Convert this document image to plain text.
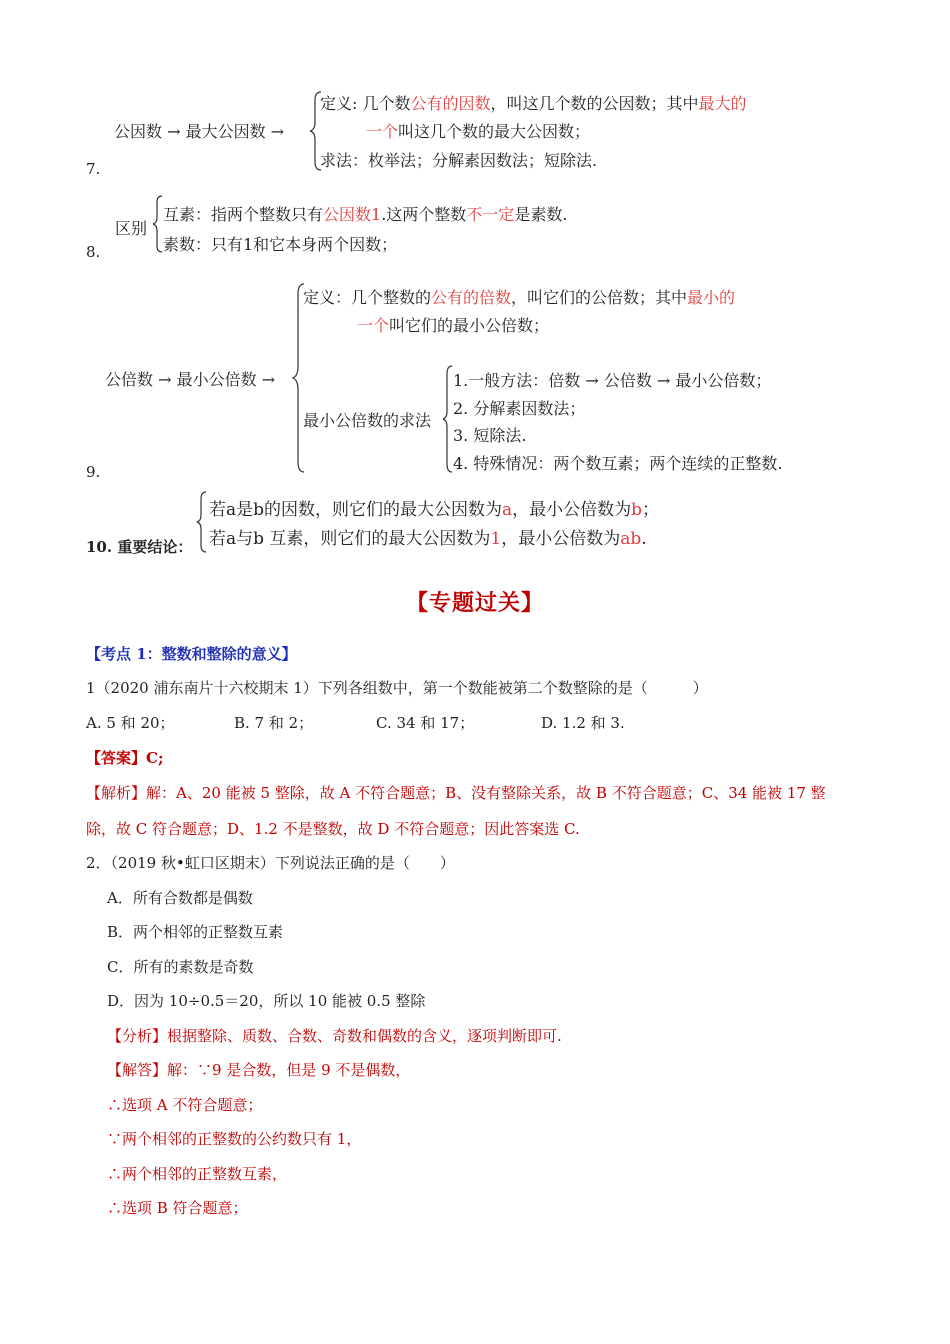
7.
公因数 → 最大公因数 →
定义: 几个数公有的因数，叫这几个数的公因数；其中最大的
一个叫这几个数的最大公因数；
求法：枚举法；分解素因数法；短除法.
8.
区别
互素：指两个整数只有公因数1.这两个整数不一定是素数.
素数：只有1和它本身两个因数；
9.
公倍数 → 最小公倍数 →
定义：几个整数的公有的倍数，叫它们的公倍数；其中最小的
一个叫它们的最小公倍数；
最小公倍数的求法
1.一般方法：倍数 → 公倍数 → 最小公倍数；
2. 分解素因数法；
3. 短除法.
4. 特殊情况：两个数互素；两个连续的正整数.
10. 重要结论：
若a是b的因数，则它们的最大公因数为a，最小公倍数为b；
若a与b 互素，则它们的最大公因数为1，最小公倍数为ab.
【专题过关】
【考点 1：整数和整除的意义】
1（2020 浦东南片十六校期末 1）下列各组数中，第一个数能被第二个数整除的是（　　　）
A. 5 和 20；	B. 7 和 2；	C. 34 和 17；	D. 1.2 和 3.
【答案】C;
【解析】解：A、20 能被 5 整除，故 A 不符合题意；B、没有整除关系，故 B 不符合题意；C、34 能被 17 整
除，故 C 符合题意；D、1.2 不是整数，故 D 不符合题意；因此答案选 C.
2．（2019 秋•虹口区期末）下列说法正确的是（　　）
A．所有合数都是偶数
B．两个相邻的正整数互素
C．所有的素数是奇数
D．因为 10÷0.5＝20，所以 10 能被 0.5 整除
【分析】根据整除、质数、合数、奇数和偶数的含义，逐项判断即可.
【解答】解：∵9 是合数，但是 9 不是偶数，
∴选项 A 不符合题意；
∵两个相邻的正整数的公约数只有 1，
∴两个相邻的正整数互素，
∴选项 B 符合题意；
